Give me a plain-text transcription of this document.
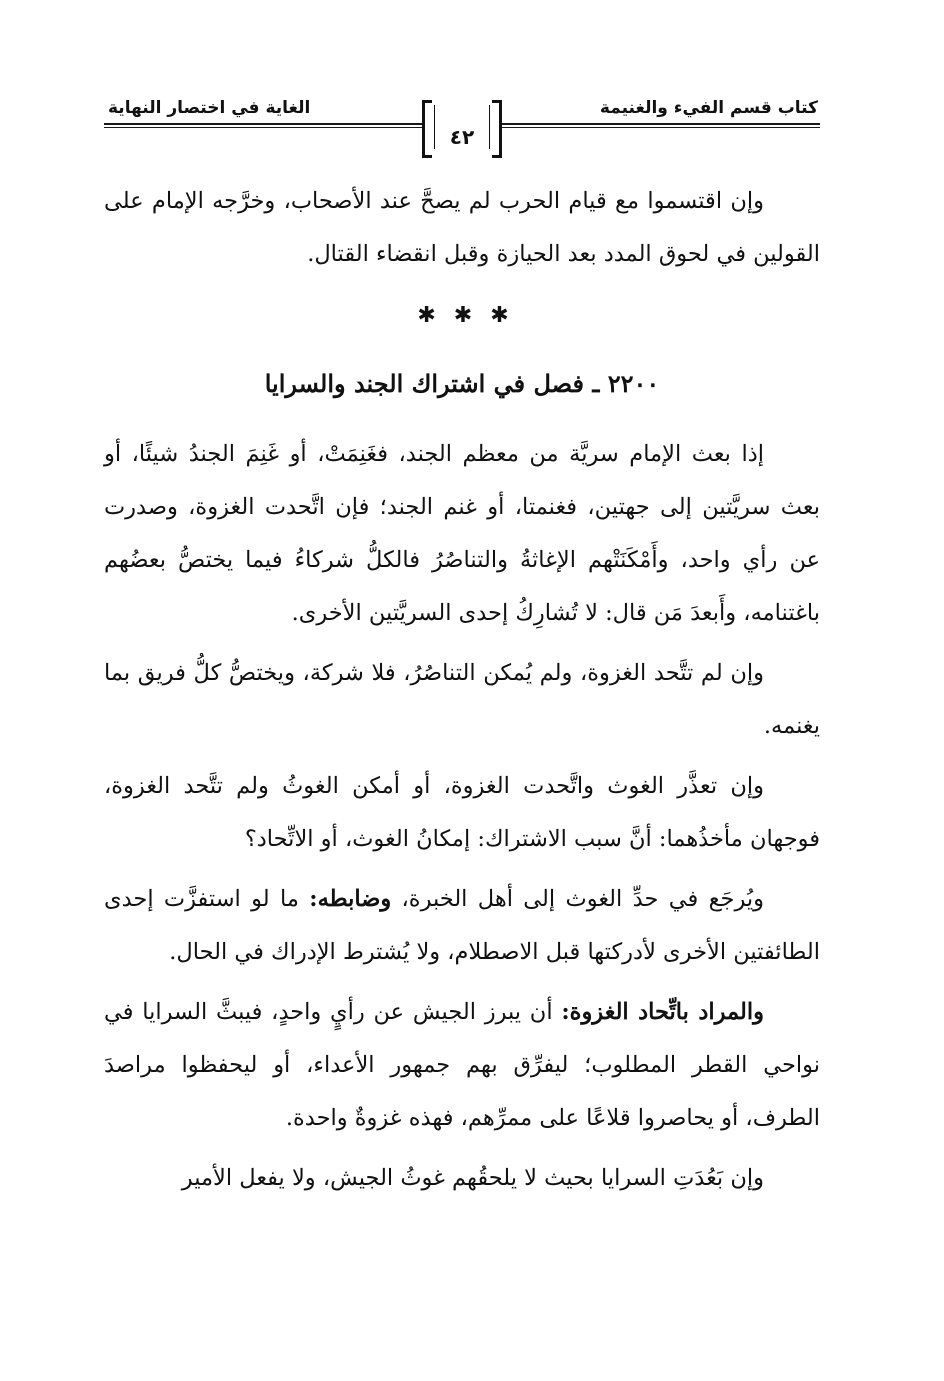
كتاب قسم الفيء والغنيمة
الغاية في اختصار النهاية
٤٢

وإن اقتسموا مع قيام الحرب لم يصحَّ عند الأصحاب، وخرَّجه الإمام على القولين في لحوق المدد بعد الحيازة وقبل انقضاء القتال.

✱✱✱
٢٢٠٠ ـ فصل في اشتراك الجند والسرايا

إذا بعث الإمام سريَّة من معظم الجند، فغَنِمَتْ، أو غَنِمَ الجندُ شيئًا، أو بعث سريَّتين إلى جهتين، فغنمتا، أو غنم الجند؛ فإن اتَّحدت الغزوة، وصدرت عن رأي واحد، وأَمْكَنَتْهم الإغاثةُ والتناصُرُ فالكلُّ شركاءُ فيما يختصُّ بعضُهم باغتنامه، وأَبعدَ مَن قال: لا تُشارِكُ إحدى السريَّتين الأخرى.

وإن لم تتَّحد الغزوة، ولم يُمكن التناصُرُ، فلا شركة، ويختصُّ كلُّ فريق بما يغنمه.

وإن تعذَّر الغوث واتَّحدت الغزوة، أو أمكن الغوثُ ولم تتَّحد الغزوة، فوجهان مأخذُهما: أنَّ سبب الاشتراك: إمكانُ الغوث، أو الاتِّحاد؟

ويُرجَع في حدِّ الغوث إلى أهل الخبرة، وضابطه: ما لو استفزَّت إحدى الطائفتين الأخرى لأدركتها قبل الاصطلام، ولا يُشترط الإدراك في الحال.

والمراد باتِّحاد الغزوة: أن يبرز الجيش عن رأيٍ واحدٍ، فيبثَّ السرايا في نواحي القطر المطلوب؛ ليفرِّق بهم جمهور الأعداء، أو ليحفظوا مراصدَ الطرف، أو يحاصروا قلاعًا على ممرِّهم، فهذه غزوةٌ واحدة.

وإن بَعُدَتِ السرايا بحيث لا يلحقُهم غوثُ الجيش، ولا يفعل الأمير
